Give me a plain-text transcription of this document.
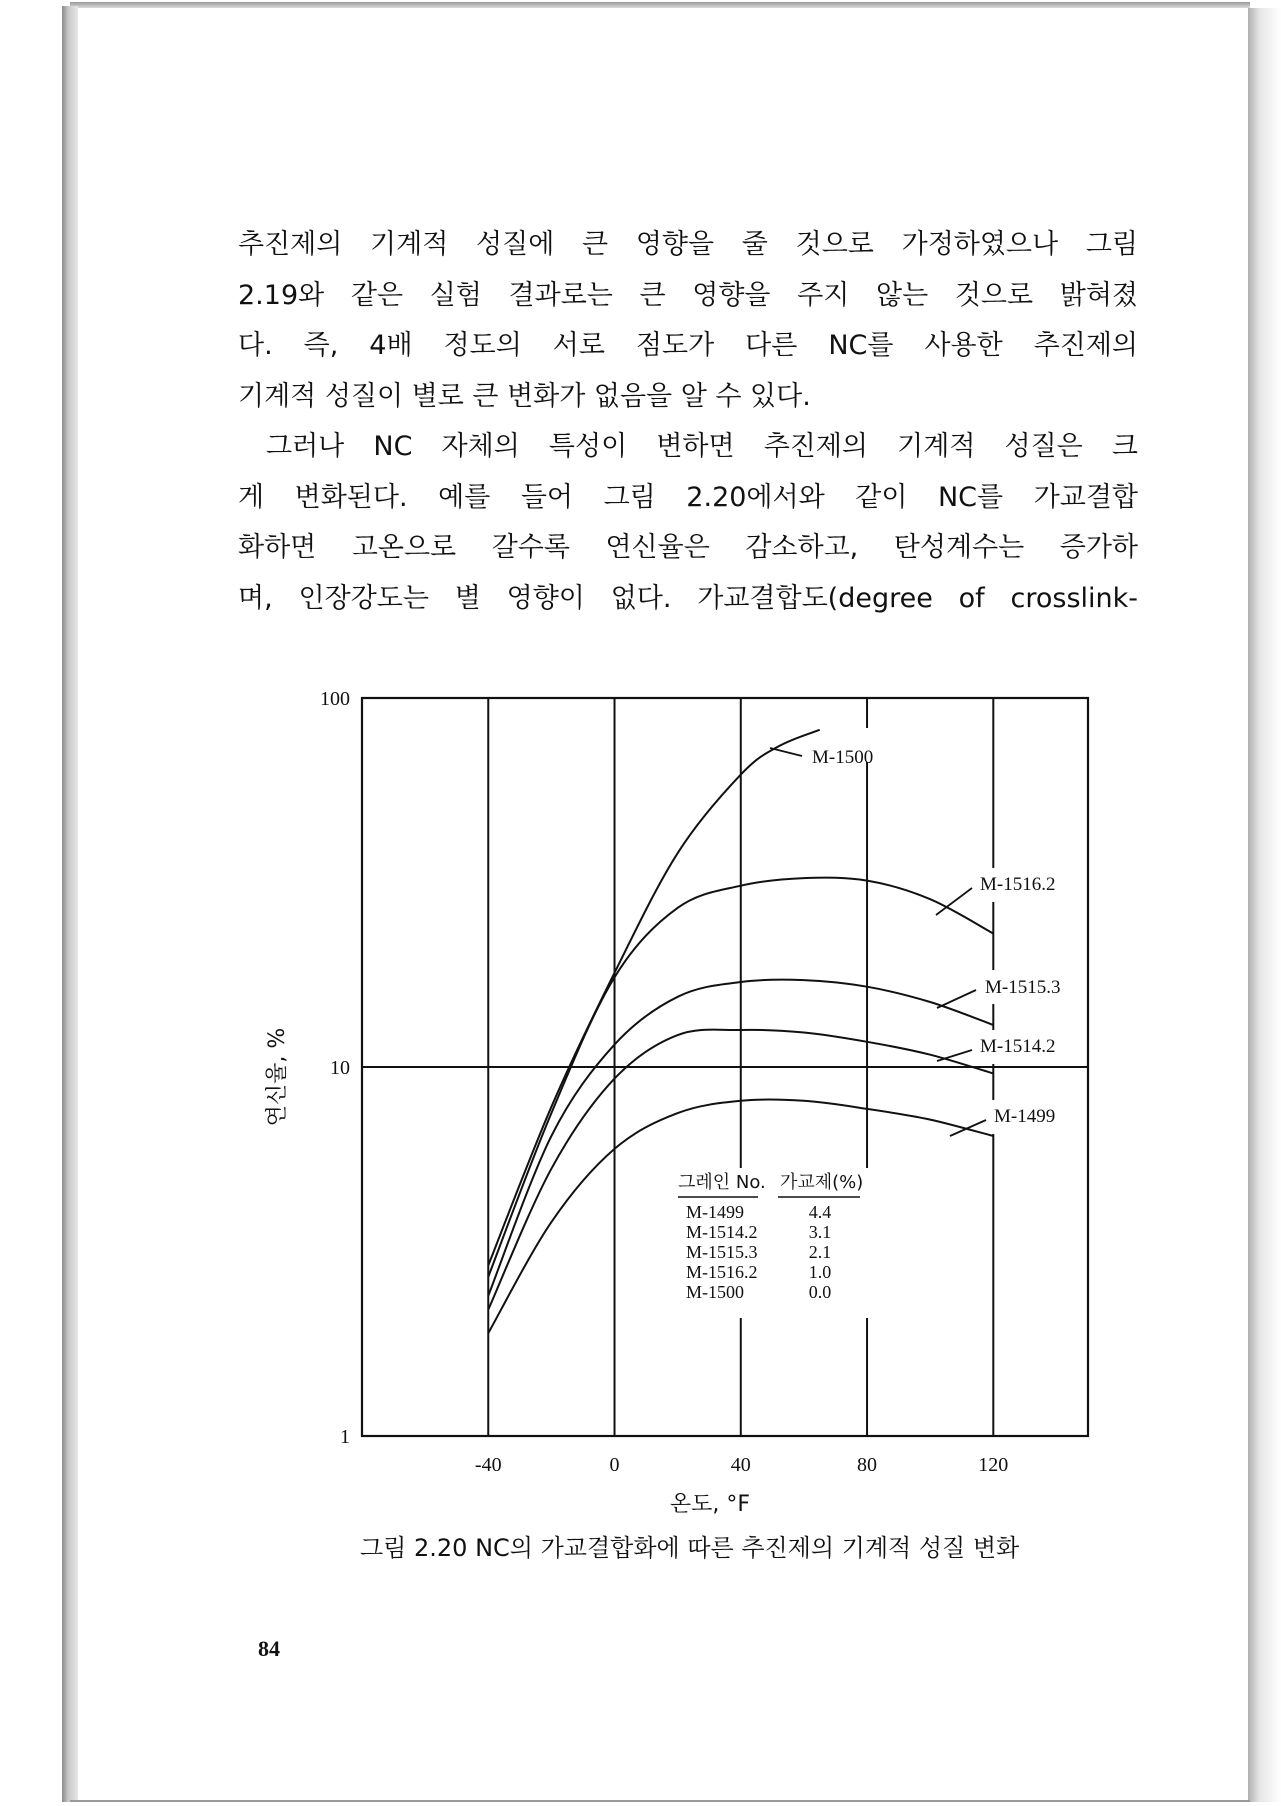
추진제의 기계적 성질에 큰 영향을 줄 것으로 가정하였으나 그림
2.19와 같은 실험 결과로는 큰 영향을 주지 않는 것으로 밝혀졌
다. 즉, 4배 정도의 서로 점도가 다른 NC를 사용한 추진제의
기계적 성질이 별로 큰 변화가 없음을 알 수 있다.
그러나 NC 자체의 특성이 변하면 추진제의 기계적 성질은 크
게 변화된다. 예를 들어 그림 2.20에서와 같이 NC를 가교결합
화하면 고온으로 갈수록 연신율은 감소하고, 탄성계수는 증가하
며, 인장강도는 별 영향이 없다. 가교결합도(degree of crosslink-
-40	0	40	80	120
1
10
100
온도, °F
연신율, %
M-1500
M-1516.2
M-1515.3
M-1514.2
M-1499
그레인 No. 가교제(%)
M-1499	4.4
M-1514.2	3.1
M-1515.3	2.1
M-1516.2	1.0
M-1500	0.0
그림 2.20 NC의 가교결합화에 따른 추진제의 기계적 성질 변화
84
